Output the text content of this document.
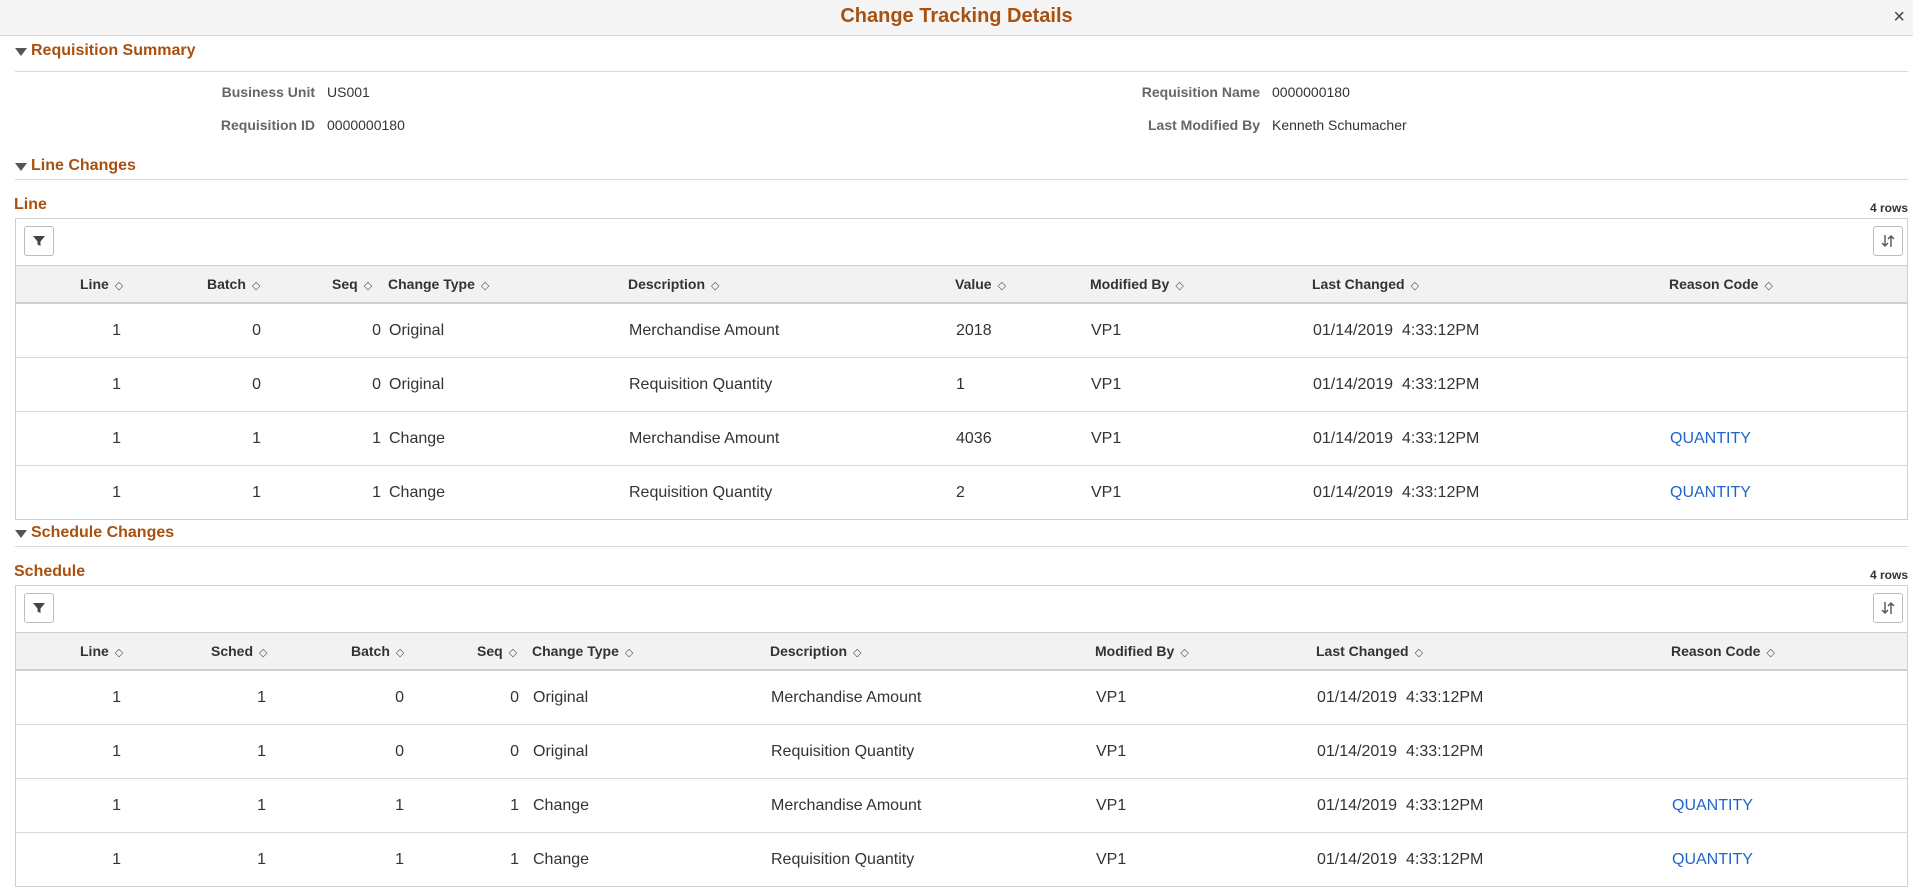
Change Tracking Details	×
Requisition Summary
Business Unit US001
Requisition ID 0000000180
Requisition Name 0000000180
Last Modified By Kenneth Schumacher
Line Changes
Line	4 rows
Line ◇	Batch ◇	Seq ◇ Change Type ◇	Description ◇	Value ◇	Modified By ◇	Last Changed ◇	Reason Code ◇
1	0	0 Original	Merchandise Amount	2018	VP1	01/14/2019  4:33:12PM
1	0	0 Original	Requisition Quantity	1	VP1	01/14/2019  4:33:12PM
1	1	1 Change	Merchandise Amount	4036	VP1	01/14/2019  4:33:12PM	QUANTITY
1	1	1 Change	Requisition Quantity	2	VP1	01/14/2019  4:33:12PM	QUANTITY
Schedule Changes
Schedule	4 rows
Line ◇	Sched ◇	Batch ◇	Seq ◇ Change Type ◇	Description ◇	Modified By ◇	Last Changed ◇	Reason Code ◇
1	1	0	0 Original	Merchandise Amount	VP1	01/14/2019  4:33:12PM
1	1	0	0 Original	Requisition Quantity	VP1	01/14/2019  4:33:12PM
1	1	1	1 Change	Merchandise Amount	VP1	01/14/2019  4:33:12PM	QUANTITY
1	1	1	1 Change	Requisition Quantity	VP1	01/14/2019  4:33:12PM	QUANTITY
